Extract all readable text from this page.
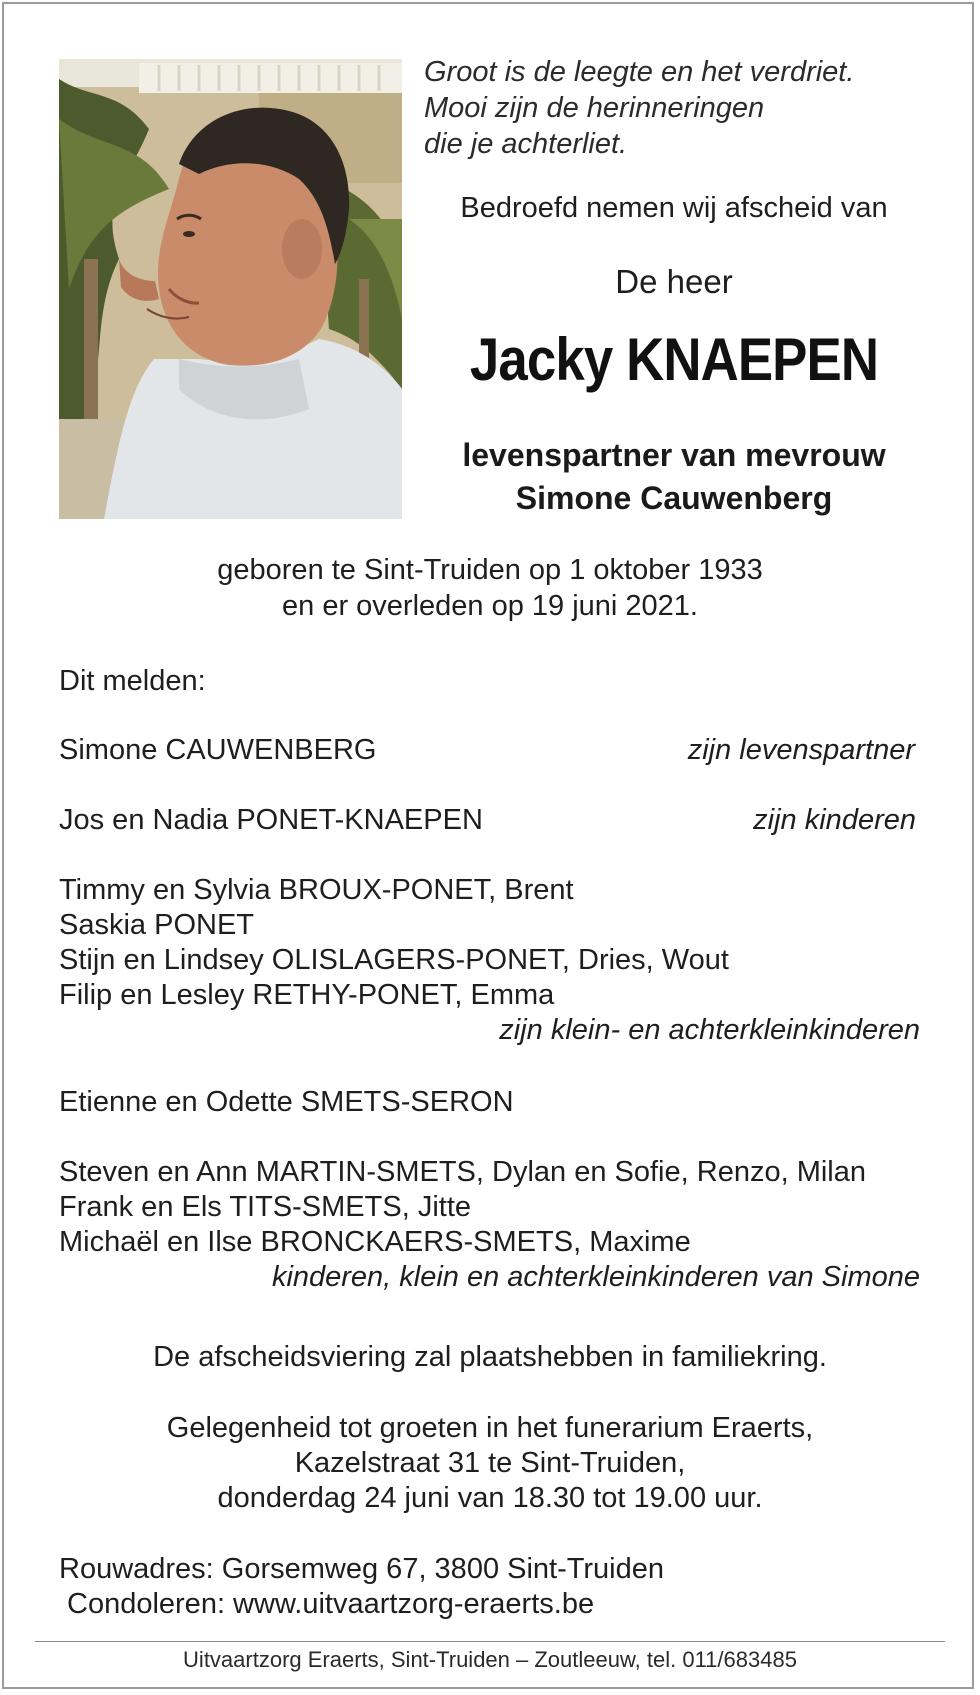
Groot is de leegte en het verdriet.
Mooi zijn de herinneringen
die je achterliet.
Bedroefd nemen wij afscheid van
De heer
Jacky KNAEPEN
levenspartner van mevrouw
Simone Cauwenberg
geboren te Sint-Truiden op 1 oktober 1933
en er overleden op 19 juni 2021.
Dit melden:
Simone CAUWENBERG	zijn levenspartner
Jos en Nadia PONET-KNAEPEN	zijn kinderen
Timmy en Sylvia BROUX-PONET, Brent
Saskia PONET
Stijn en Lindsey OLISLAGERS-PONET, Dries, Wout
Filip en Lesley RETHY-PONET, Emma
zijn klein- en achterkleinkinderen
Etienne en Odette SMETS-SERON
Steven en Ann MARTIN-SMETS, Dylan en Sofie, Renzo, Milan
Frank en Els TITS-SMETS, Jitte
Michaël en Ilse BRONCKAERS-SMETS, Maxime
kinderen, klein en achterkleinkinderen van Simone
De afscheidsviering zal plaatshebben in familiekring.
Gelegenheid tot groeten in het funerarium Eraerts,
Kazelstraat 31 te Sint-Truiden,
donderdag 24 juni van 18.30 tot 19.00 uur.
Rouwadres: Gorsemweg 67, 3800 Sint-Truiden
Condoleren: www.uitvaartzorg-eraerts.be
Uitvaartzorg Eraerts, Sint-Truiden – Zoutleeuw, tel. 011/683485
